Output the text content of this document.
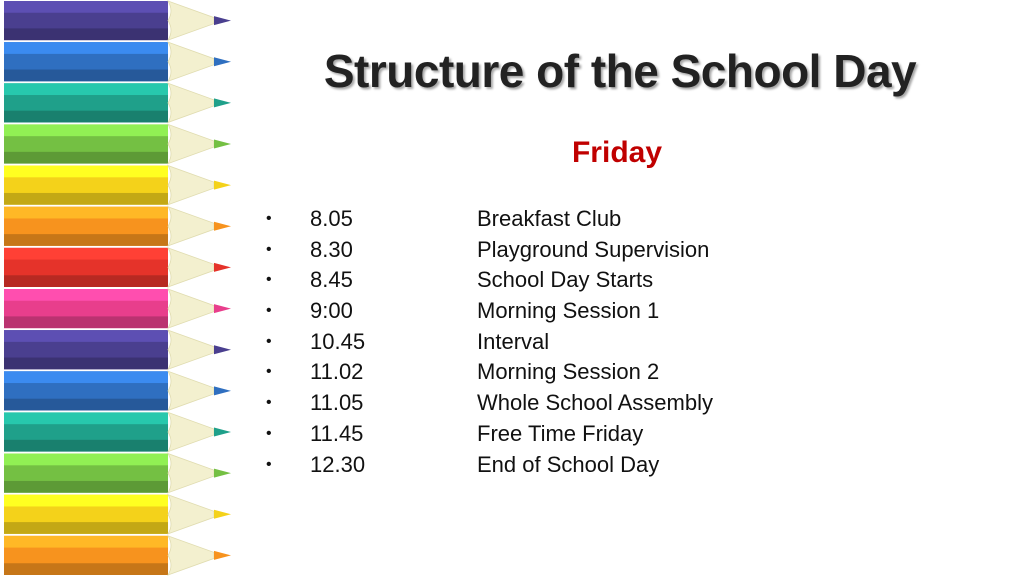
Structure of the School Day
Friday
•	8.05	Breakfast Club
•	8.30	Playground Supervision
•	8.45	School Day Starts
•	9:00	Morning Session 1
•	10.45	Interval
•	11.02	Morning Session 2
•	11.05	Whole School Assembly
•	11.45	Free Time Friday
•	12.30	End of School Day
